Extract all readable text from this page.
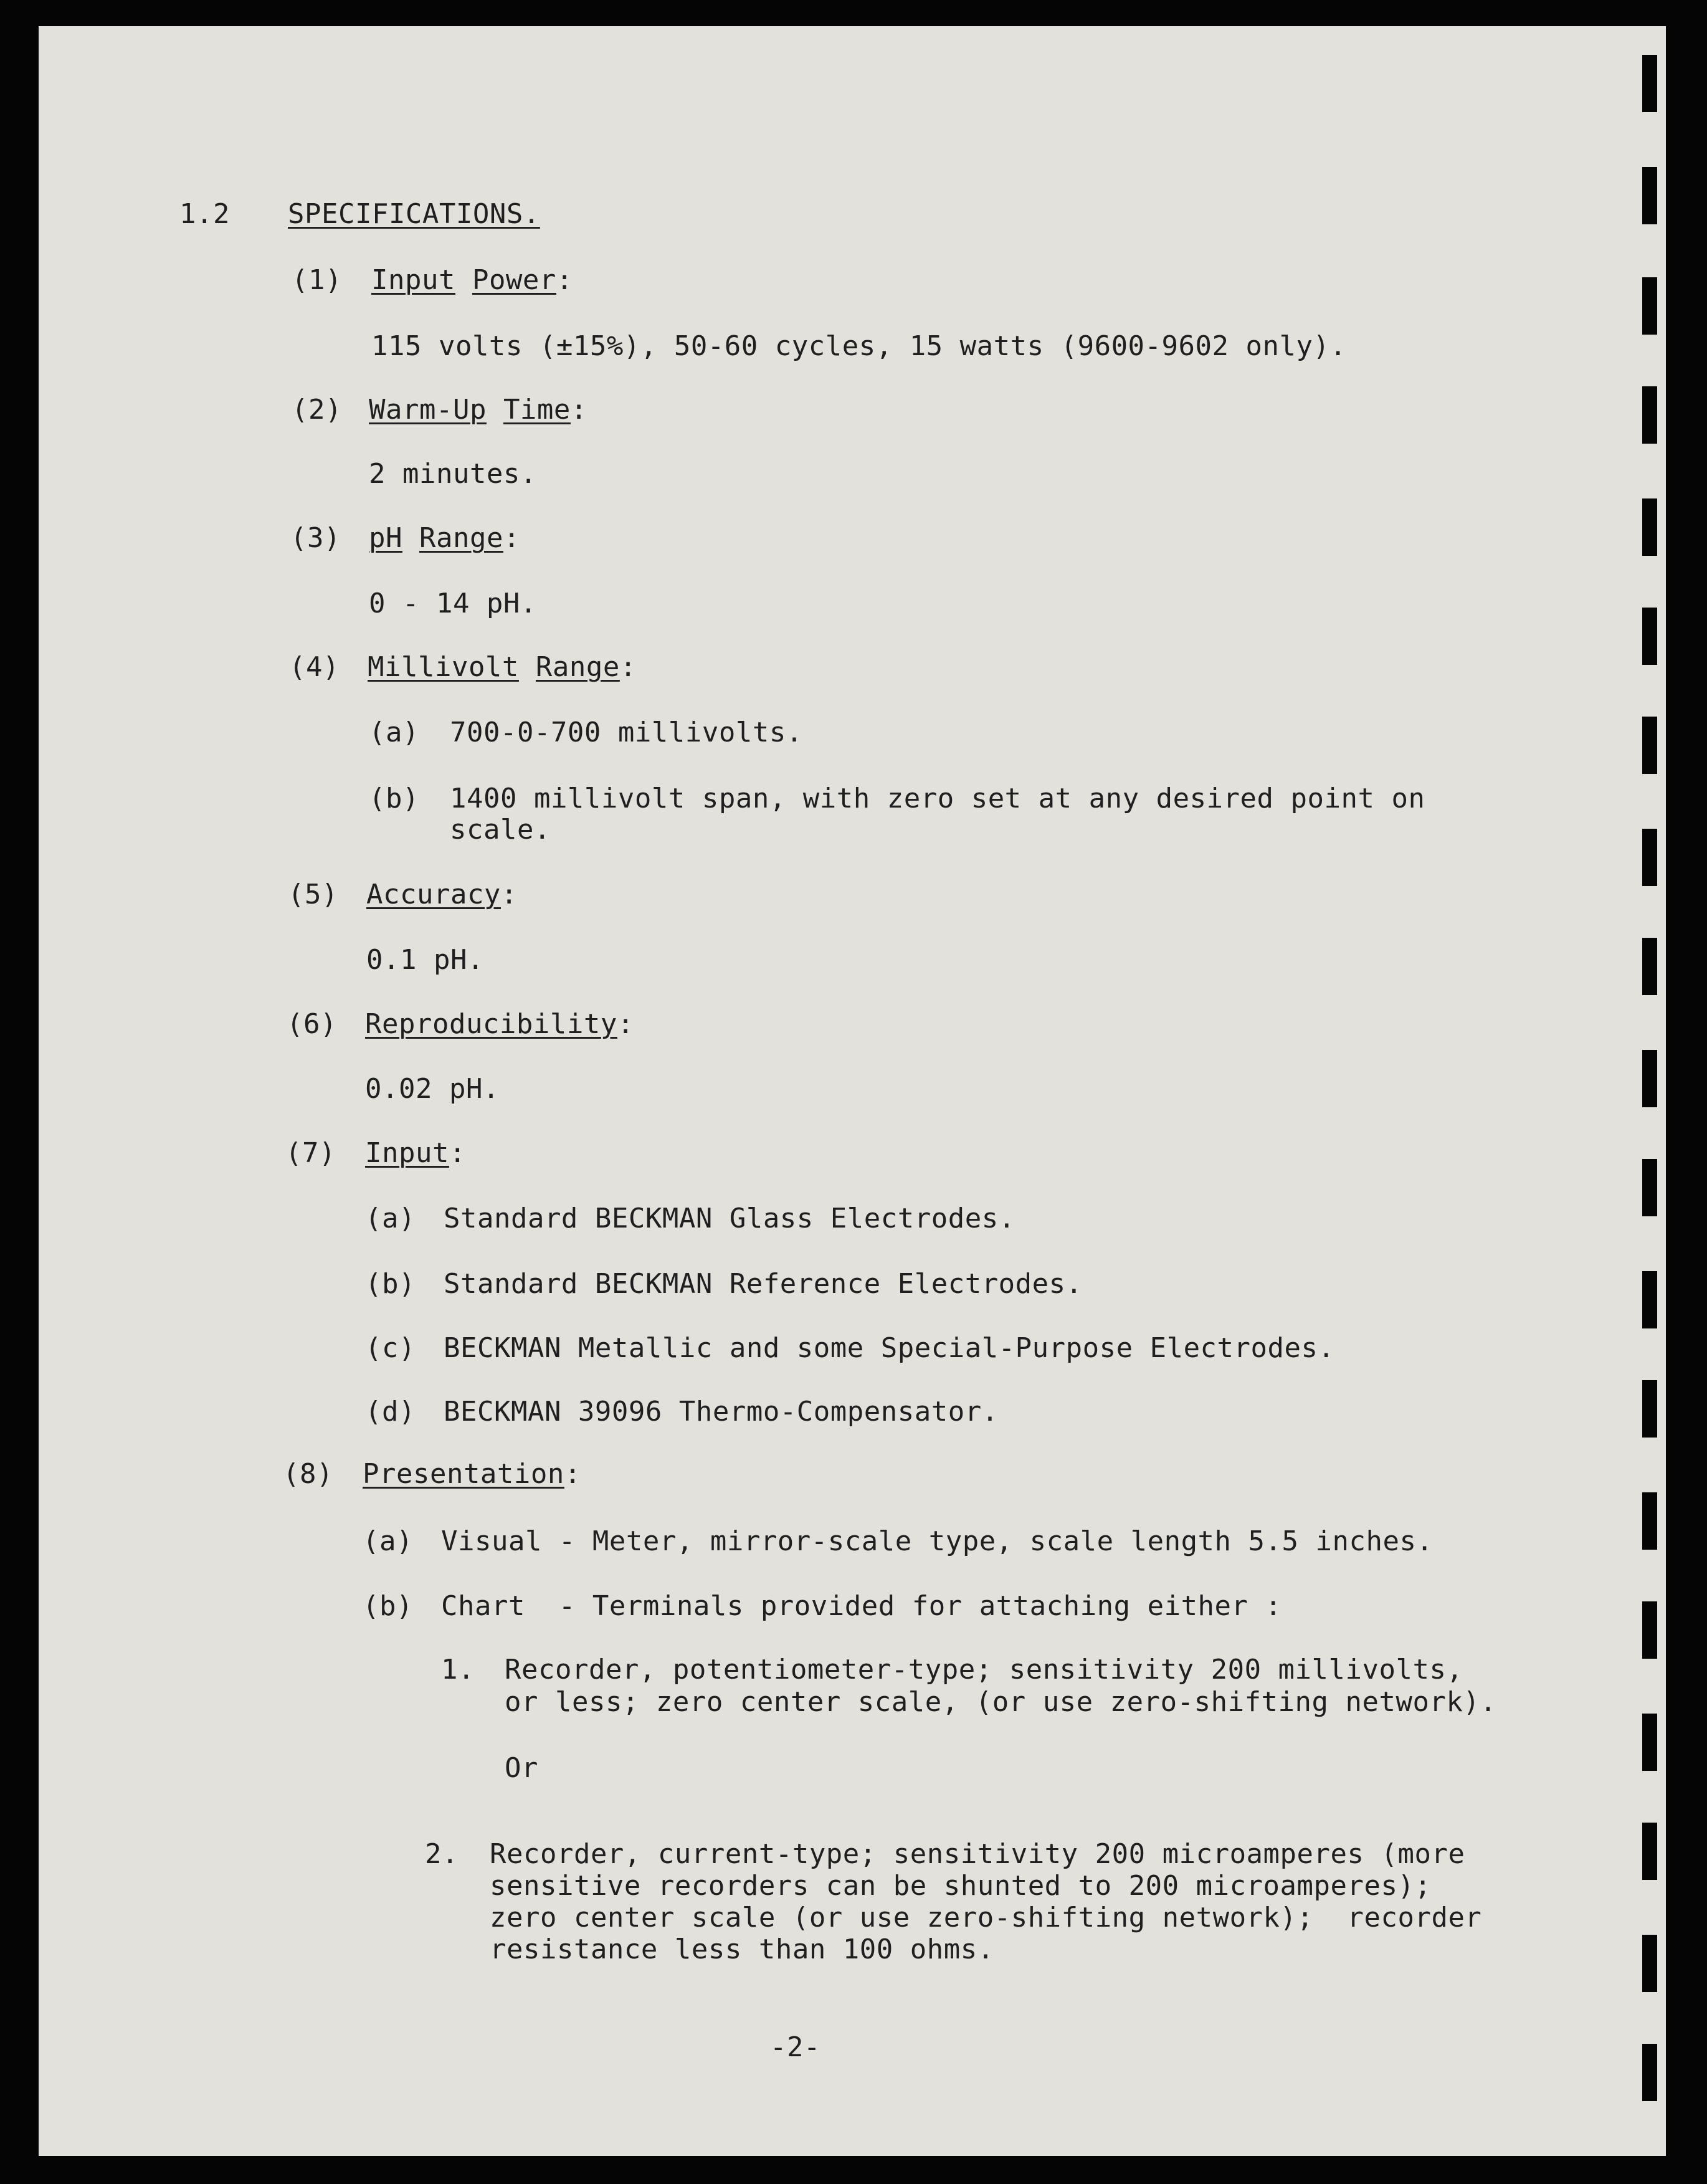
1.2 SPECIFICATIONS.
(1) Input Power:
115 volts (±15%), 50-60 cycles, 15 watts (9600-9602 only).
(2) Warm-Up Time:
2 minutes.
(3) pH Range:
0 - 14 pH.
(4) Millivolt Range:
(a) 700-0-700 millivolts.
(b) 1400 millivolt span, with zero set at any desired point on
scale.
(5) Accuracy:
0.1 pH.
(6) Reproducibility:
0.02 pH.
(7) Input:
(a) Standard BECKMAN Glass Electrodes.
(b) Standard BECKMAN Reference Electrodes.
(c) BECKMAN Metallic and some Special-Purpose Electrodes.
(d) BECKMAN 39096 Thermo-Compensator.
(8) Presentation:
(a) Visual - Meter, mirror-scale type, scale length 5.5 inches.
(b) Chart  - Terminals provided for attaching either :
1. Recorder, potentiometer-type; sensitivity 200 millivolts,
or less; zero center scale, (or use zero-shifting network).
Or
2. Recorder, current-type; sensitivity 200 microamperes (more
sensitive recorders can be shunted to 200 microamperes);
zero center scale (or use zero-shifting network);  recorder
resistance less than 100 ohms.
-2-
